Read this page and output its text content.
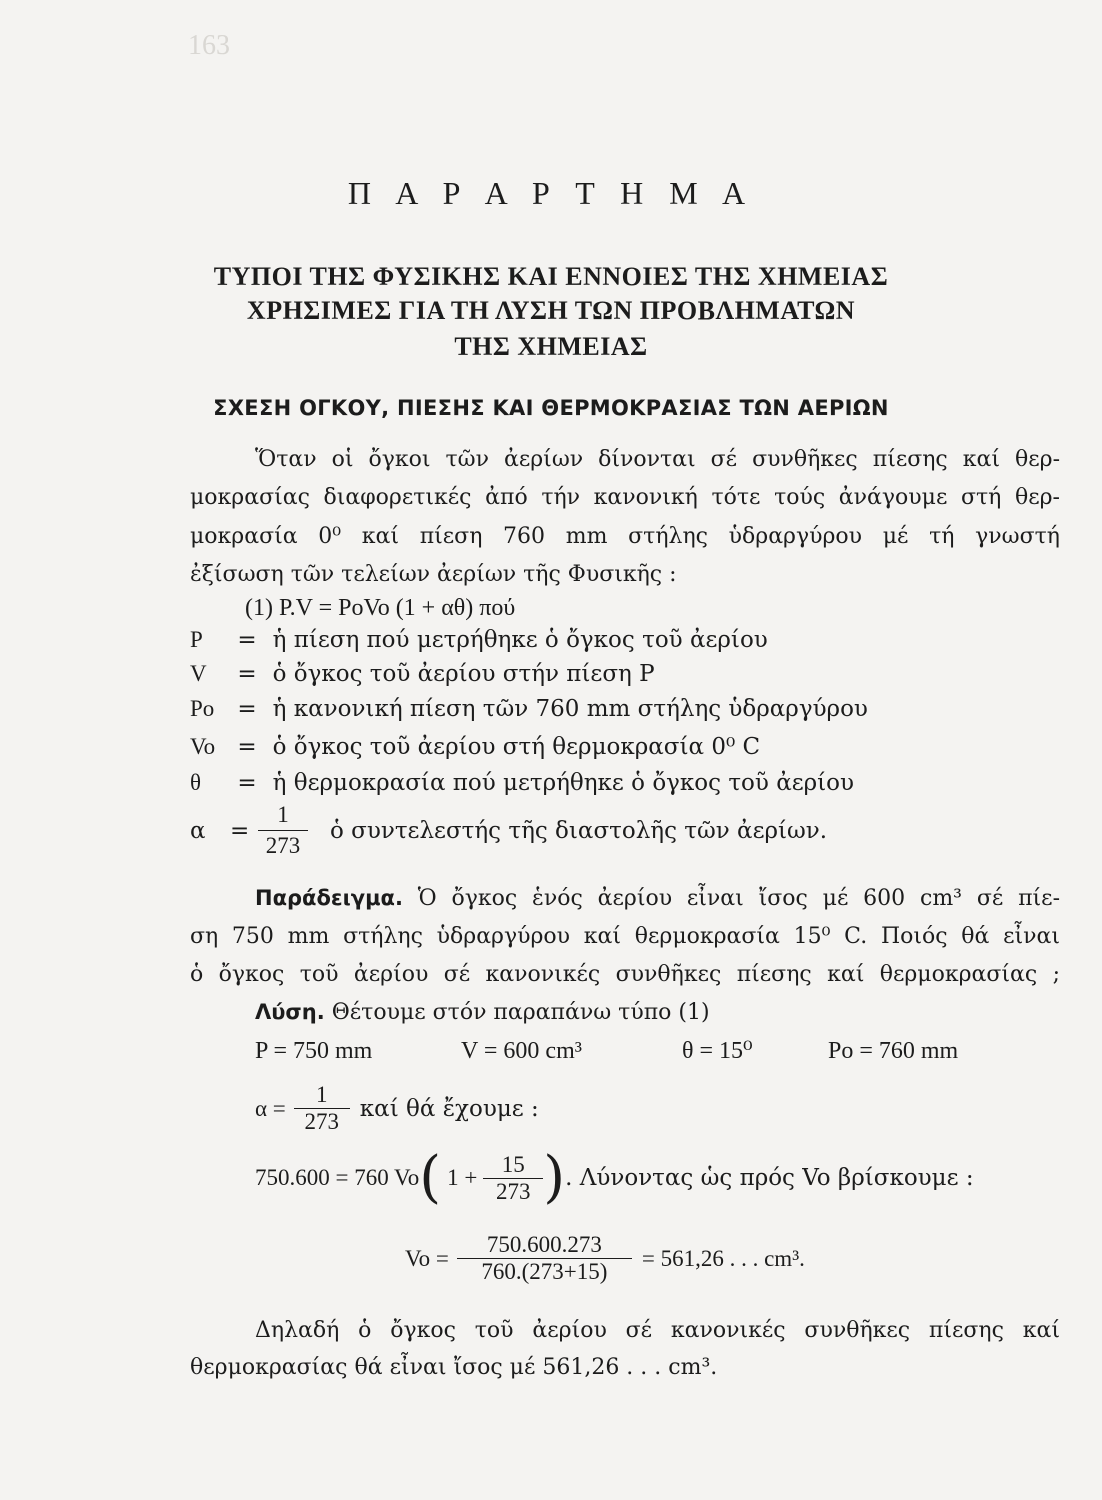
163
Π Α Ρ Α Ρ Τ Η Μ Α
ΤΥΠΟΙ ΤΗΣ ΦΥΣΙΚΗΣ ΚΑΙ ΕΝΝΟΙΕΣ ΤΗΣ ΧΗΜΕΙΑΣ
ΧΡΗΣΙΜΕΣ ΓΙΑ ΤΗ ΛΥΣΗ ΤΩΝ ΠΡΟΒΛΗΜΑΤΩΝ
ΤΗΣ ΧΗΜΕΙΑΣ
ΣΧΕΣΗ ΟΓΚΟΥ, ΠΙΕΣΗΣ ΚΑΙ ΘΕΡΜΟΚΡΑΣΙΑΣ ΤΩΝ ΑΕΡΙΩΝ
Ὅταν οἱ ὄγκοι τῶν ἀερίων δίνονται σέ συνθῆκες πίεσης καί θερ-
μοκρασίας διαφορετικές ἀπό τήν κανονική τότε τούς ἀνάγουμε στή θερ-
μοκρασία 0⁰ καί πίεση 760 mm στήλης ὑδραργύρου μέ τή γνωστή
ἐξίσωση τῶν τελείων ἀερίων τῆς Φυσικῆς :
(1) P.V = PoVo (1 + αθ) πού
P = ἡ πίεση πού μετρήθηκε ὁ ὄγκος τοῦ ἀερίου
V = ὁ ὄγκος τοῦ ἀερίου στήν πίεση P
Po = ἡ κανονική πίεση τῶν 760 mm στήλης ὑδραργύρου
Vo = ὁ ὄγκος τοῦ ἀερίου στή θερμοκρασία 0⁰ C
θ = ἡ θερμοκρασία πού μετρήθηκε ὁ ὄγκος τοῦ ἀερίου
α	= $\frac{1}{273}$ ὁ συντελεστής τῆς διαστολῆς τῶν ἀερίων.
Παράδειγμα. Ὁ ὄγκος ἑνός ἀερίου εἶναι ἴσος μέ 600 cm³ σέ πίε-
ση 750 mm στήλης ὑδραργύρου καί θερμοκρασία 15⁰ C. Ποιός θά εἶναι
ὁ ὄγκος τοῦ ἀερίου σέ κανονικές συνθῆκες πίεσης καί θερμοκρασίας ;
Λύση. Θέτουμε στόν παραπάνω τύπο (1)
P = 750 mm	V = 600 cm³	θ = 15⁰	Po = 760 mm
$\alpha = \frac{1}{273}$ καί θά ἔχουμε :
750.600 = 760 Vo ( $1 + \frac{15}{273}$ ) . Λύνοντας ὡς πρός Vo βρίσκουμε :
$Vo = \frac{750.600.273}{760.(273+15)} = 561,26$ . . . cm³.
Δηλαδή ὁ ὄγκος τοῦ ἀερίου σέ κανονικές συνθῆκες πίεσης καί
θερμοκρασίας θά εἶναι ἴσος μέ 561,26 . . . cm³.
